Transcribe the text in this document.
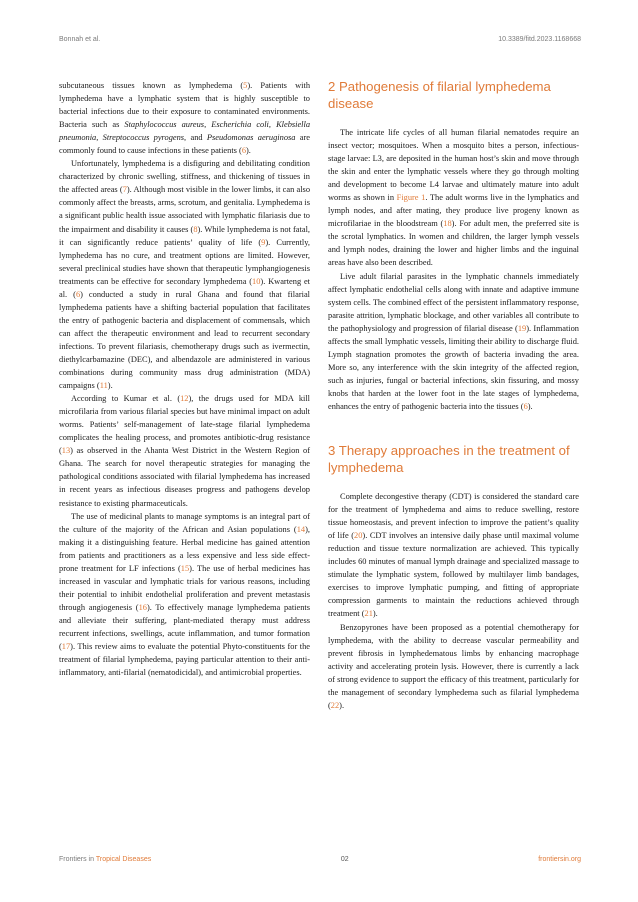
Bonnah et al.	10.3389/fitd.2023.1168668

subcutaneous tissues known as lymphedema (5). Patients with lymphedema have a lymphatic system that is highly susceptible to bacterial infections due to their exposure to contaminated environments. Bacteria such as Staphylococcus aureus, Escherichia coli, Klebsiella pneumonia, Streptococcus pyrogens, and Pseudomonas aeruginosa are commonly found to cause infections in these patients (6).

Unfortunately, lymphedema is a disfiguring and debilitating condition characterized by chronic swelling, stiffness, and thickening of tissues in the affected areas (7). Although most visible in the lower limbs, it can also commonly affect the breasts, arms, scrotum, and genitalia. Lymphedema is a significant public health issue associated with lymphatic filariasis due to the impairment and disability it causes (8). While lymphedema is not fatal, it can significantly reduce patients’ quality of life (9). Currently, lymphedema has no cure, and treatment options are limited. However, several preclinical studies have shown that therapeutic lymphangiogenesis treatments can be effective for secondary lymphedema (10). Kwarteng et al. (6) conducted a study in rural Ghana and found that filarial lymphedema patients have a shifting bacterial population that facilitates the entry of pathogenic bacteria and displacement of commensals, which can affect the therapeutic environment and lead to recurrent secondary infections. To prevent filariasis, chemotherapy drugs such as ivermectin, diethylcarbamazine (DEC), and albendazole are administered in various combinations during community mass drug administration (MDA) campaigns (11).

According to Kumar et al. (12), the drugs used for MDA kill microfilaria from various filarial species but have minimal impact on adult worms. Patients’ self-management of late-stage filarial lymphedema complicates the healing process, and promotes antibiotic-drug resistance (13) as observed in the Ahanta West District in the Western Region of Ghana. The search for novel therapeutic strategies for managing the pathological conditions associated with filarial lymphedema has increased in recent years as infectious diseases progress and pathogens develop resistance to existing pharmaceuticals.

The use of medicinal plants to manage symptoms is an integral part of the culture of the majority of the African and Asian populations (14), making it a distinguishing feature. Herbal medicine has gained attention from patients and practitioners as a less expensive and less side effect-prone treatment for LF infections (15). The use of herbal medicines has increased in vascular and lymphatic trials for various reasons, including their potential to inhibit endothelial proliferation and prevent metastasis through angiogenesis (16). To effectively manage lymphedema patients and alleviate their suffering, plant-mediated therapy must address recurrent infections, swellings, acute inflammation, and tumor formation (17). This review aims to evaluate the potential Phyto-constituents for the treatment of filarial lymphedema, paying particular attention to their anti-inflammatory, anti-filarial (nematodicidal), and antimicrobial properties.

2 Pathogenesis of filarial lymphedema disease

The intricate life cycles of all human filarial nematodes require an insect vector; mosquitoes. When a mosquito bites a person, infectious-stage larvae: L3, are deposited in the human host’s skin and move through the skin and enter the lymphatic vessels where they go through molting and development to become L4 larvae and ultimately mature into adult worms as shown in Figure 1. The adult worms live in the lymphatics and lymph nodes, and after mating, they produce live progeny known as microfilariae in the bloodstream (18). For adult men, the preferred site is the scrotal lymphatics. In women and children, the larger lymph vessels and lymph nodes, draining the lower and higher limbs and the inguinal areas have also been described.

Live adult filarial parasites in the lymphatic channels immediately affect lymphatic endothelial cells along with innate and adaptive immune system cells. The combined effect of the persistent inflammatory response, parasite attrition, lymphatic blockage, and other variables all contribute to the pathophysiology and progression of filarial disease (19). Inflammation affects the small lymphatic vessels, limiting their ability to discharge fluid. Lymph stagnation promotes the growth of bacteria invading the area. More so, any interference with the skin integrity of the affected region, such as injuries, fungal or bacterial infections, skin fissuring, and mossy knobs that harden at the lower foot in the late stages of lymphedema, enhances the entry of pathogenic bacteria into the tissues (6).

3 Therapy approaches in the treatment of lymphedema

Complete decongestive therapy (CDT) is considered the standard care for the treatment of lymphedema and aims to reduce swelling, restore tissue homeostasis, and prevent infection to improve the patient’s quality of life (20). CDT involves an intensive daily phase until maximal volume reduction and tissue texture normalization are achieved. This typically includes 60 minutes of manual lymph drainage and specialized massage to stimulate the lymphatic system, followed by multilayer limb bandages, exercises to improve lymphatic pumping, and fitting of appropriate compression garments to maintain the reductions achieved through treatment (21).

Benzopyrones have been proposed as a potential chemotherapy for lymphedema, with the ability to decrease vascular permeability and prevent fibrosis in lymphedematous limbs by enhancing macrophage activity and accelerating protein lysis. However, there is currently a lack of strong evidence to support the efficacy of this treatment, particularly for the management of secondary lymphedema such as filarial lymphedema (22).

Frontiers in Tropical Diseases	02	frontiersin.org
